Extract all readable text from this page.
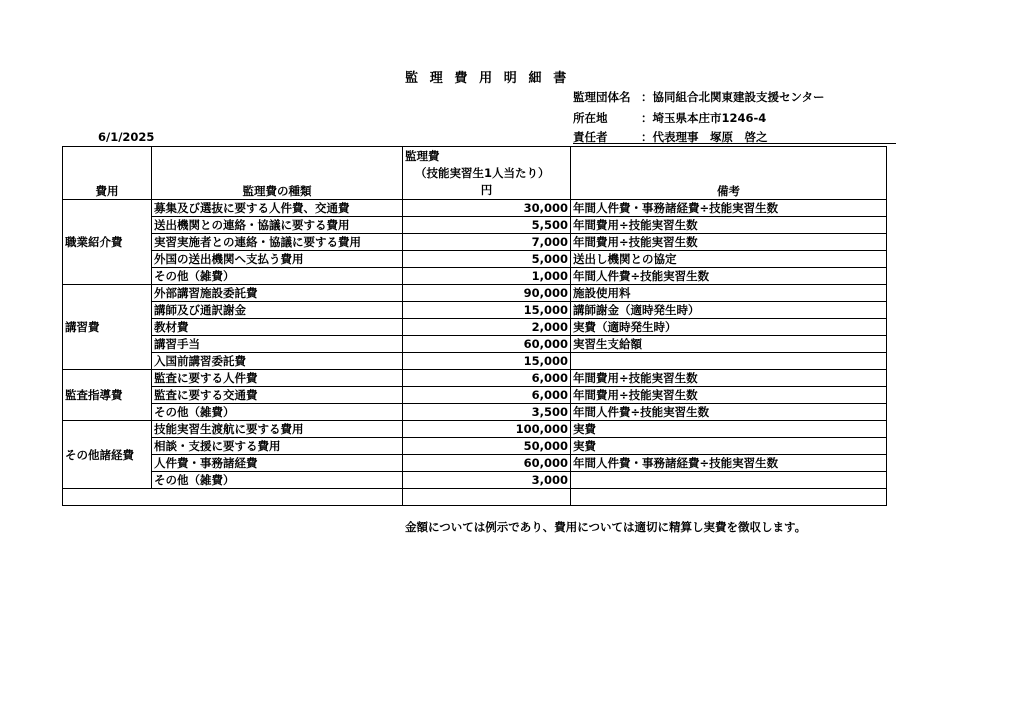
監理費用明細書
監理団体名 ：協同組合北関東建設支援センター
所在地	：埼玉県本庄市1246-4
責任者	：代表理事　塚原　啓之
6/1/2025
費用	監理費の種類	監理費
（技能実習生1人当たり）
円	備考
職業紹介費	募集及び選抜に要する人件費、交通費	30,000	年間人件費・事務諸経費÷技能実習生数
	送出機関との連絡・協議に要する費用	5,500	年間費用÷技能実習生数
	実習実施者との連絡・協議に要する費用	7,000	年間費用÷技能実習生数
	外国の送出機関へ支払う費用	5,000	送出し機関との協定
	その他（雑費）	1,000	年間人件費÷技能実習生数
講習費	外部講習施設委託費	90,000	施設使用料
	講師及び通訳謝金	15,000	講師謝金（適時発生時）
	教材費	2,000	実費（適時発生時）
	講習手当	60,000	実習生支給額
	入国前講習委託費	15,000	
監査指導費	監査に要する人件費	6,000	年間費用÷技能実習生数
	監査に要する交通費	6,000	年間費用÷技能実習生数
	その他（雑費）	3,500	年間人件費÷技能実習生数
その他諸経費	技能実習生渡航に要する費用	100,000	実費
	相談・支援に要する費用	50,000	実費
	人件費・事務諸経費	60,000	年間人件費・事務諸経費÷技能実習生数
	その他（雑費）	3,000	

金額については例示であり、費用については適切に精算し実費を徴収します。
